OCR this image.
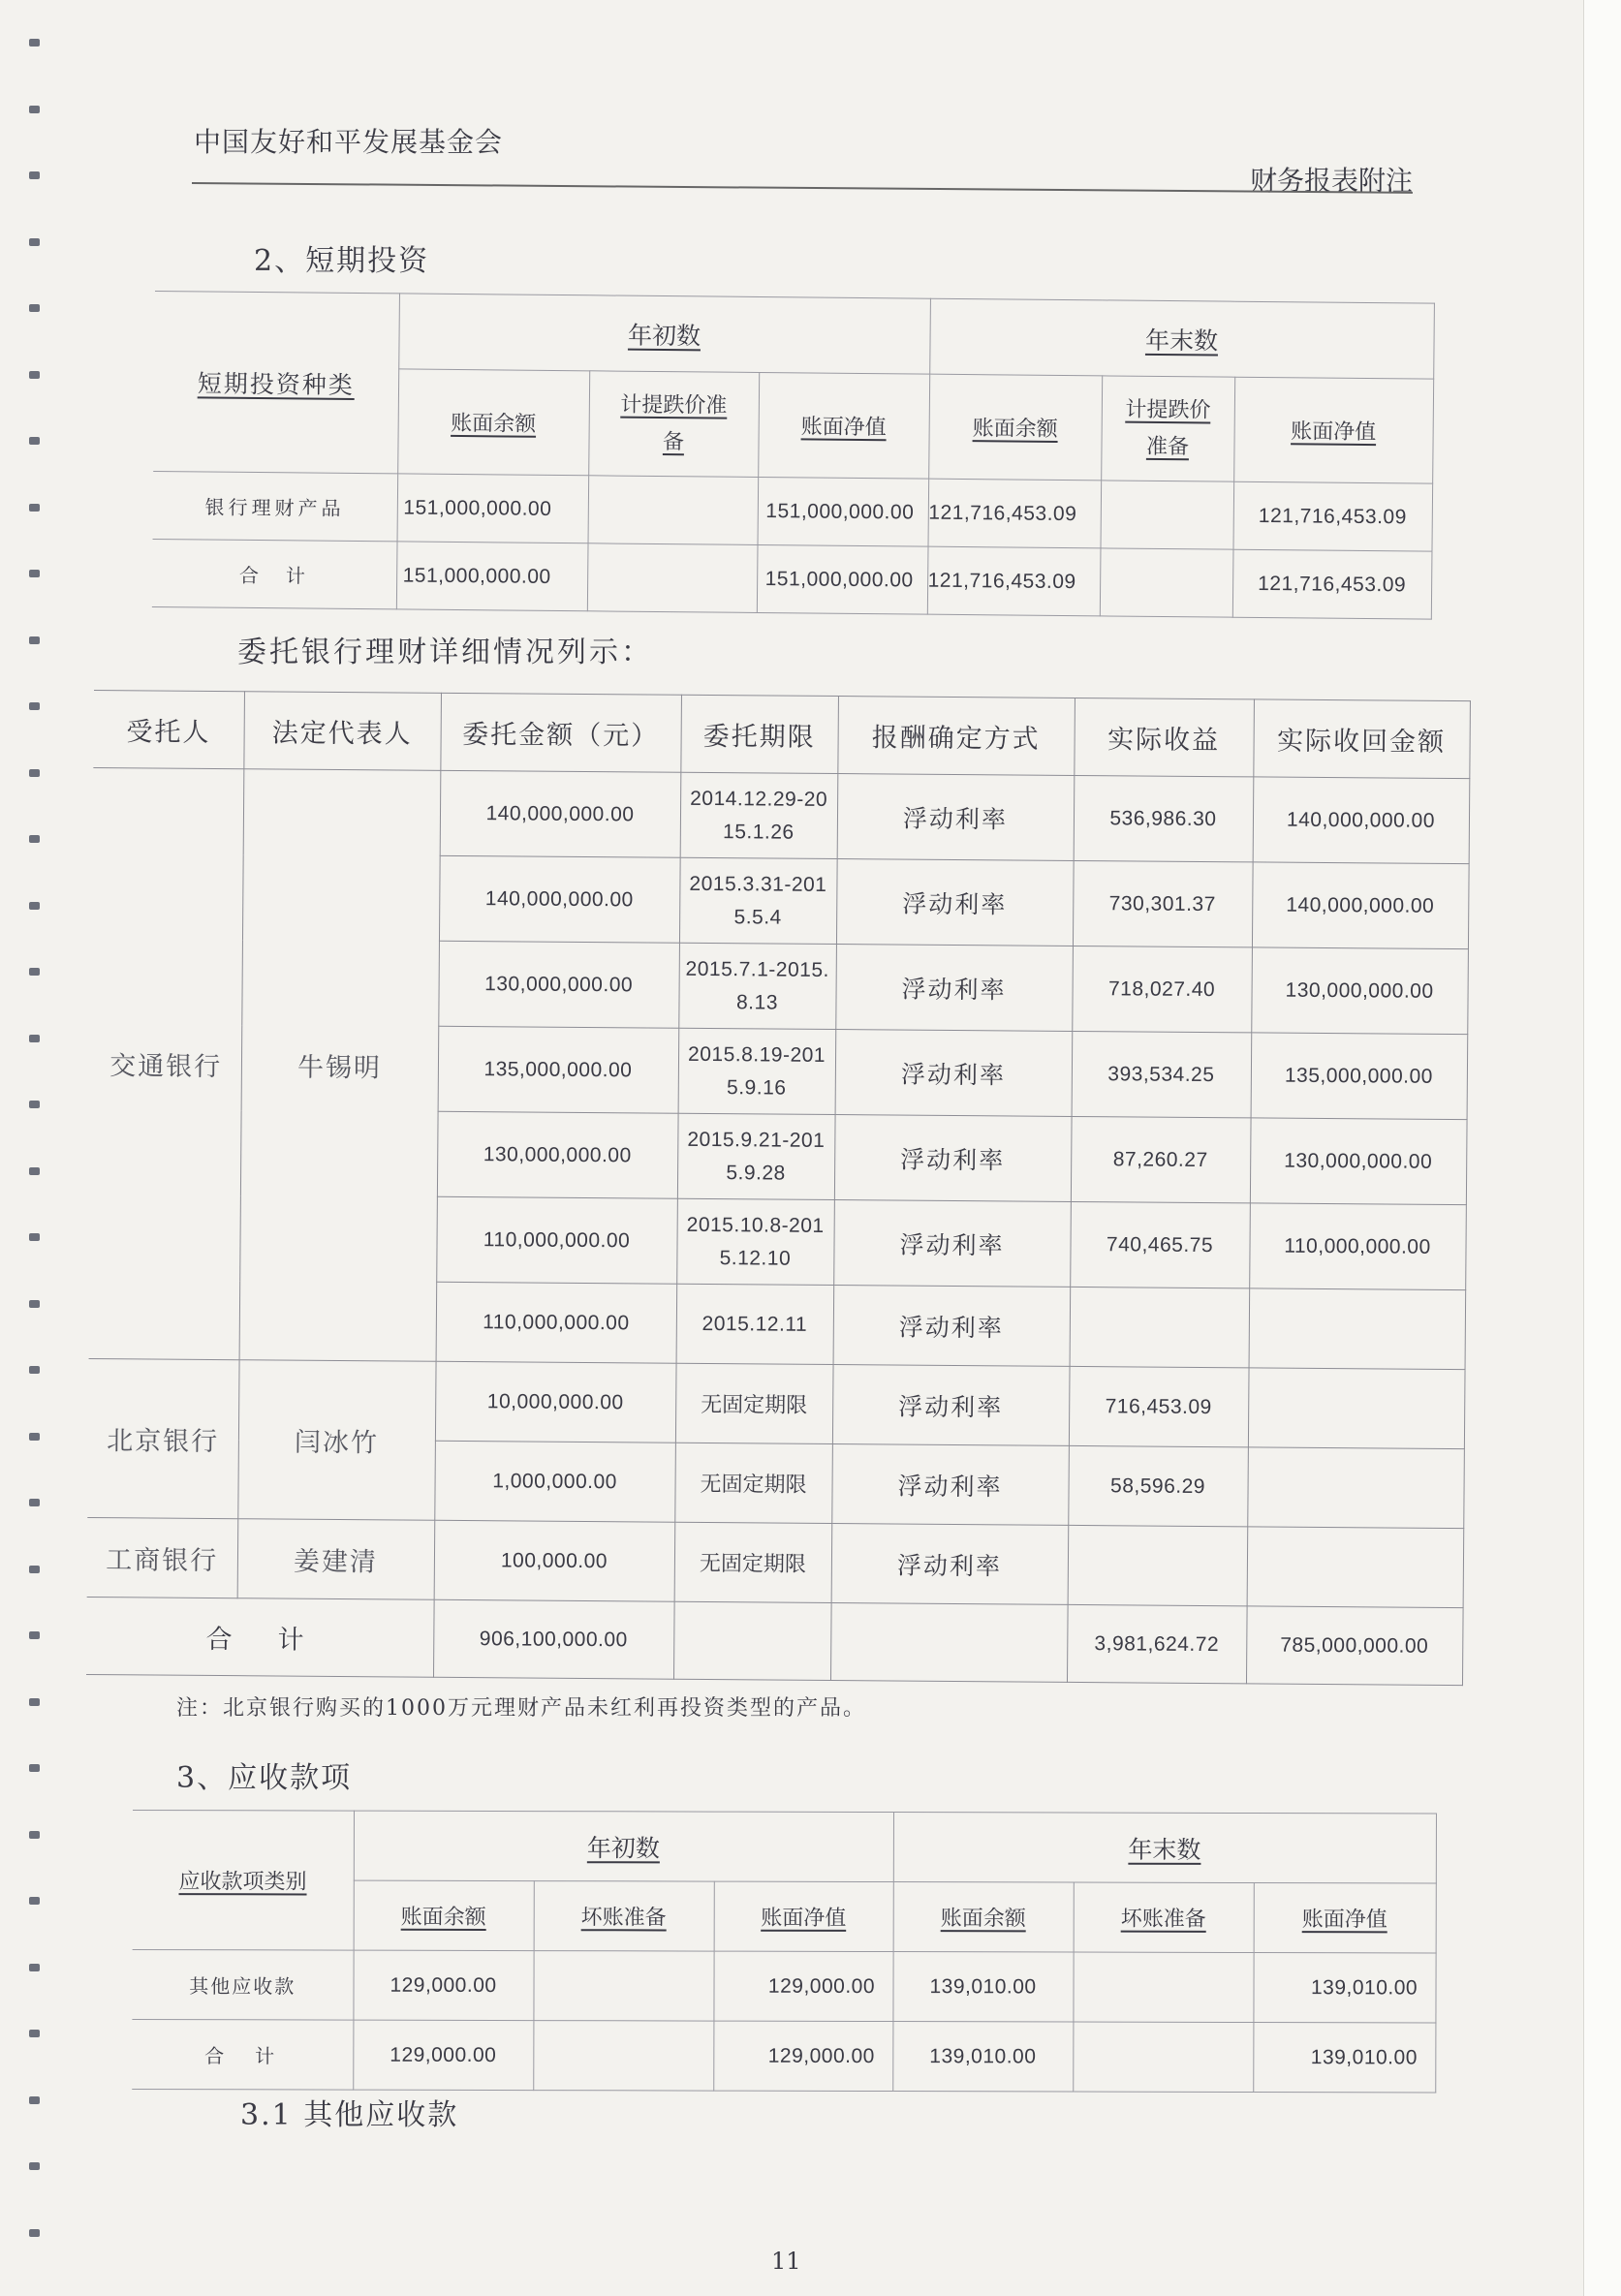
中国友好和平发展基金会
财务报表附注
2、短期投资
短期投资种类	年初数			年末数		
	账面余额	计提跌价准备	账面净值	账面余额	计提跌价准备	账面净值
银行理财产品	151,000,000.00		151,000,000.00	121,716,453.09		121,716,453.09
合　计	151,000,000.00		151,000,000.00	121,716,453.09		121,716,453.09
委托银行理财详细情况列示：
受托人	法定代表人	委托金额（元）	委托期限	报酬确定方式	实际收益	实际收回金额
交通银行	牛锡明	140,000,000.00	2014.12.29-2015.1.26	浮动利率	536,986.30	140,000,000.00
		140,000,000.00	2015.3.31-2015.5.4	浮动利率	730,301.37	140,000,000.00
		130,000,000.00	2015.7.1-2015.8.13	浮动利率	718,027.40	130,000,000.00
		135,000,000.00	2015.8.19-2015.9.16	浮动利率	393,534.25	135,000,000.00
		130,000,000.00	2015.9.21-2015.9.28	浮动利率	87,260.27	130,000,000.00
		110,000,000.00	2015.10.8-2015.12.10	浮动利率	740,465.75	110,000,000.00
		110,000,000.00	2015.12.11	浮动利率		
北京银行	闫冰竹	10,000,000.00	无固定期限	浮动利率	716,453.09	
		1,000,000.00	无固定期限	浮动利率	58,596.29	
工商银行	姜建清	100,000.00	无固定期限	浮动利率		
合　计		906,100,000.00			3,981,624.72	785,000,000.00
注：北京银行购买的1000万元理财产品未红利再投资类型的产品。
3、应收款项
应收款项类别	年初数			年末数		
	账面余额	坏账准备	账面净值	账面余额	坏账准备	账面净值
其他应收款	129,000.00		129,000.00	139,010.00		139,010.00
合　计	129,000.00		129,000.00	139,010.00		139,010.00
3.1 其他应收款
11
